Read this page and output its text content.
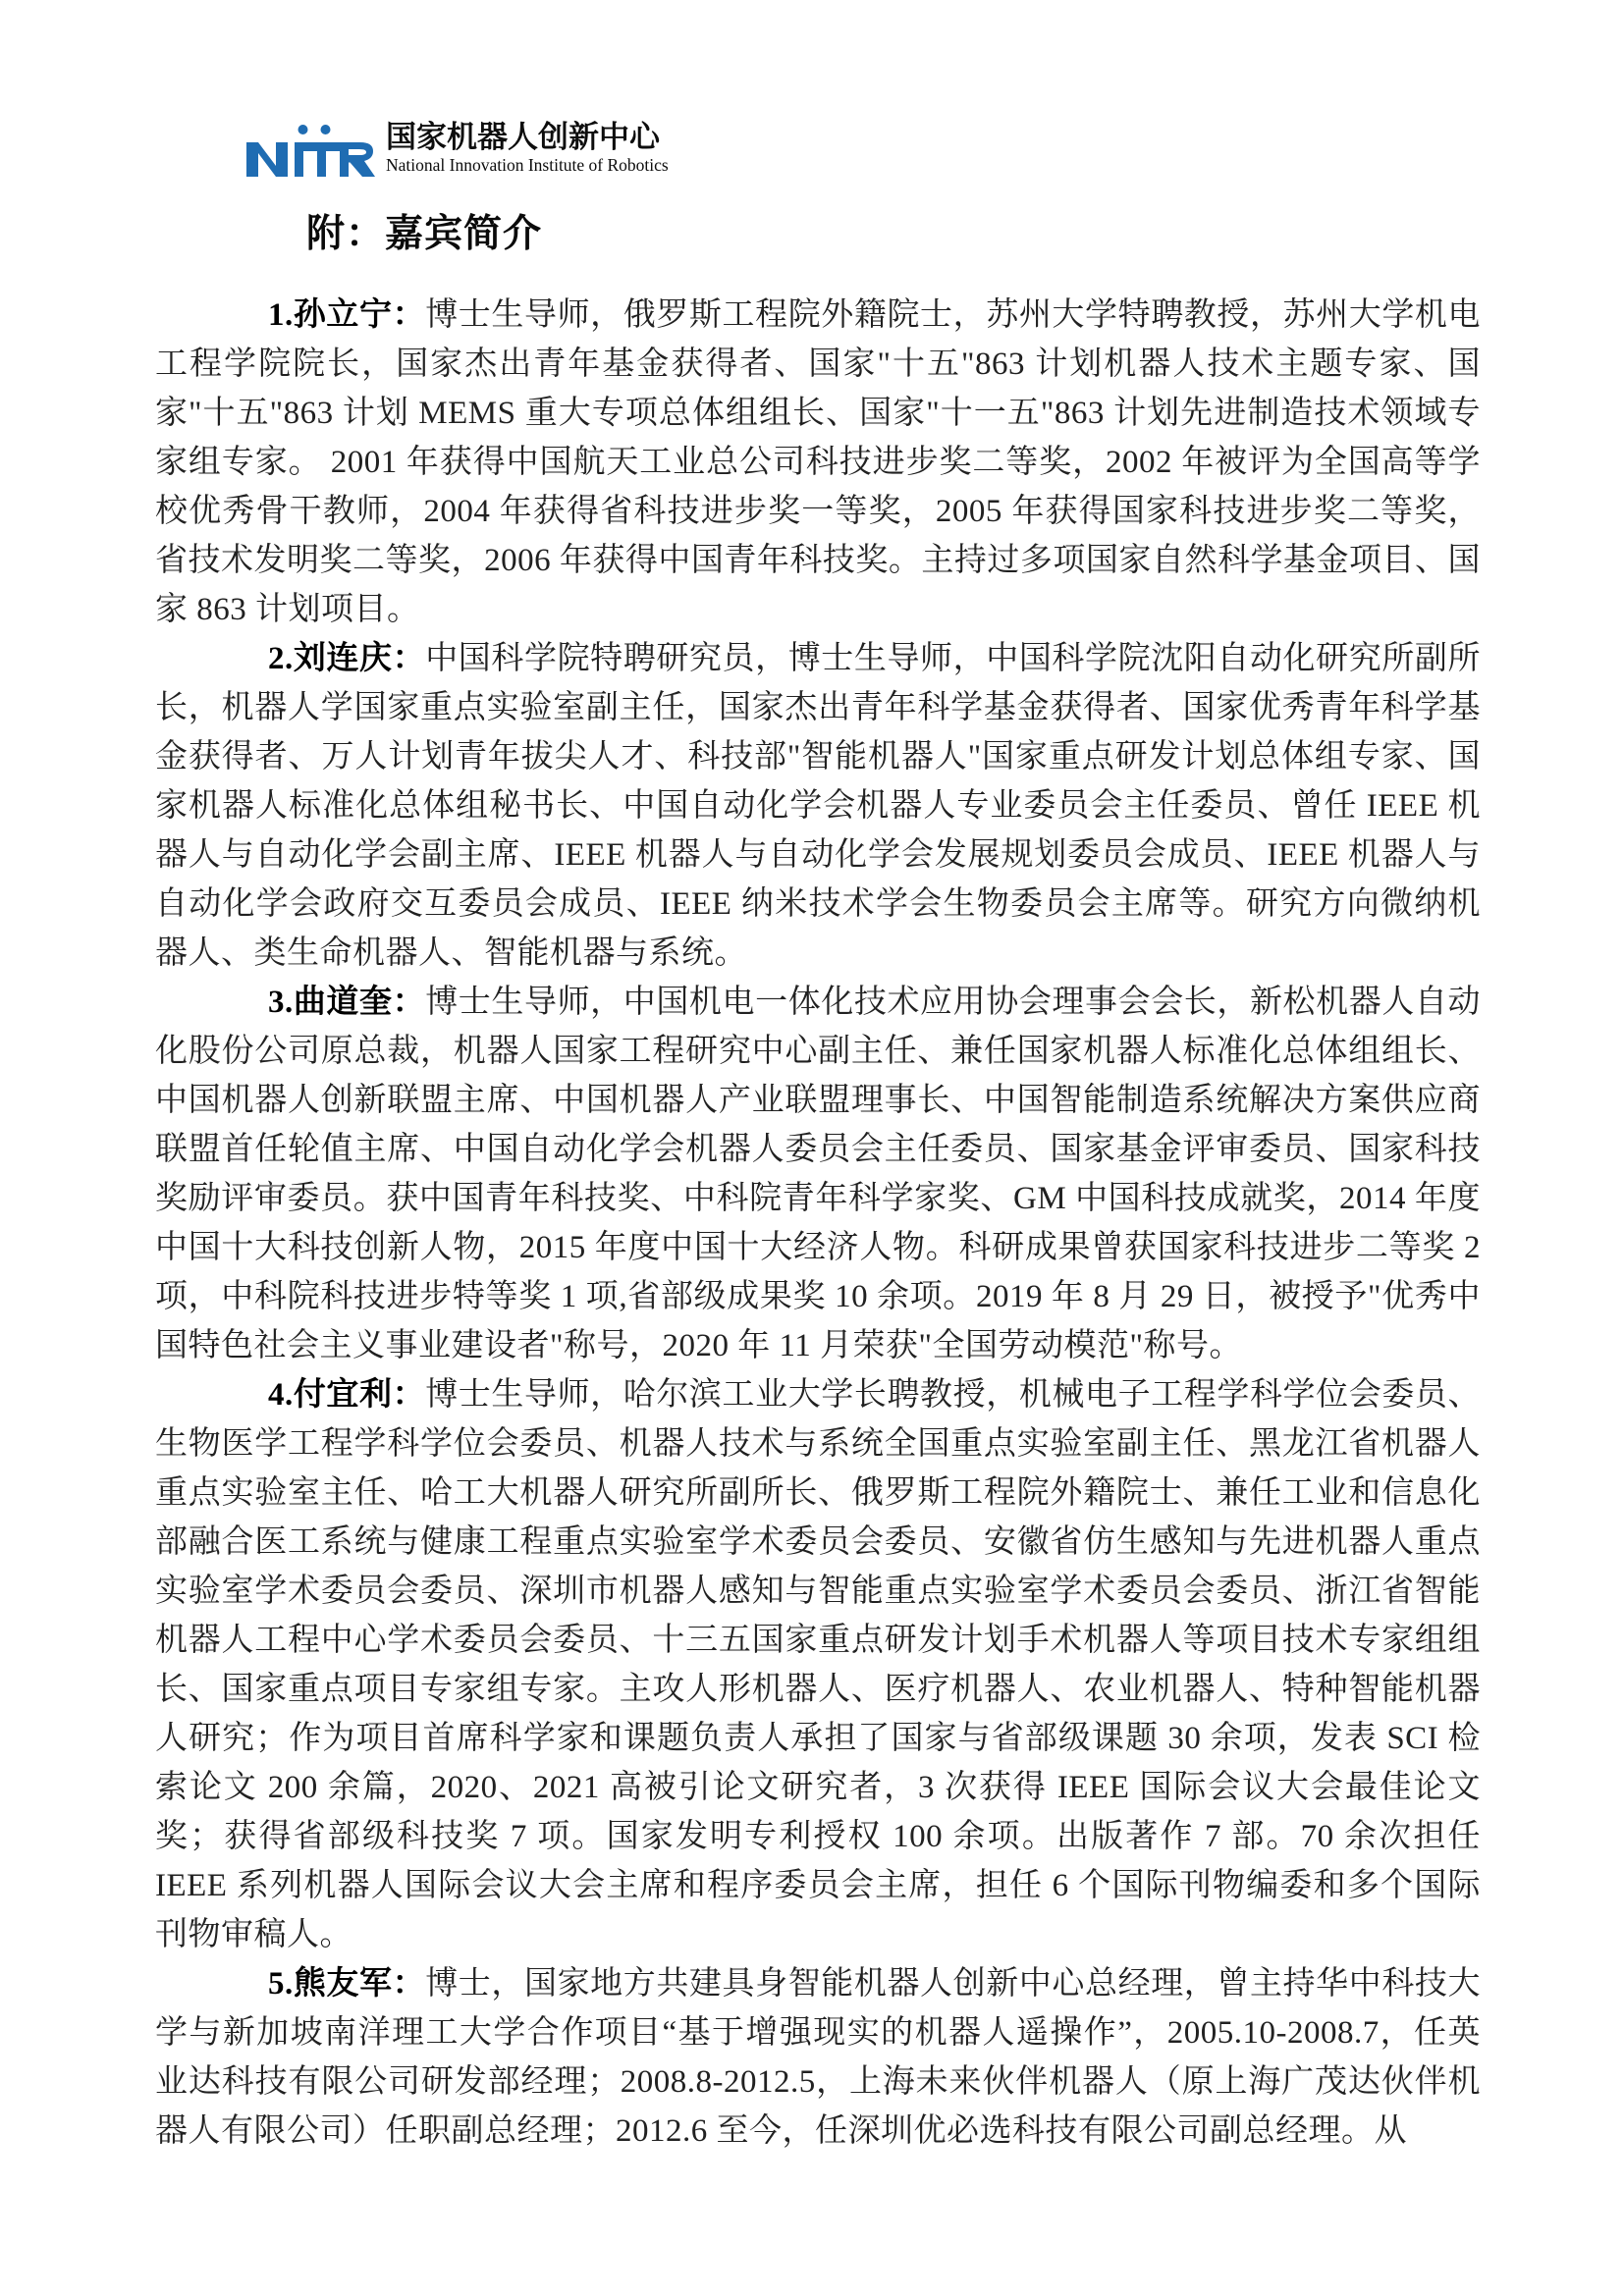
国家机器人创新中心
National Innovation Institute of Robotics
附：嘉宾简介

1.孙立宁：博士生导师，俄罗斯工程院外籍院士，苏州大学特聘教授，苏州大学机电工程学院院长，国家杰出青年基金获得者、国家"十五"863 计划机器人技术主题专家、国家"十五"863 计划 MEMS 重大专项总体组组长、国家"十一五"863 计划先进制造技术领域专家组专家。 2001 年获得中国航天工业总公司科技进步奖二等奖，2002 年被评为全国高等学校优秀骨干教师，2004 年获得省科技进步奖一等奖，2005 年获得国家科技进步奖二等奖，省技术发明奖二等奖，2006 年获得中国青年科技奖。主持过多项国家自然科学基金项目、国家 863 计划项目。

2.刘连庆：中国科学院特聘研究员，博士生导师，中国科学院沈阳自动化研究所副所长，机器人学国家重点实验室副主任，国家杰出青年科学基金获得者、国家优秀青年科学基金获得者、万人计划青年拔尖人才、科技部"智能机器人"国家重点研发计划总体组专家、国家机器人标准化总体组秘书长、中国自动化学会机器人专业委员会主任委员、曾任 IEEE 机器人与自动化学会副主席、IEEE 机器人与自动化学会发展规划委员会成员、IEEE 机器人与自动化学会政府交互委员会成员、IEEE 纳米技术学会生物委员会主席等。研究方向微纳机器人、类生命机器人、智能机器与系统。

3.曲道奎：博士生导师，中国机电一体化技术应用协会理事会会长，新松机器人自动化股份公司原总裁，机器人国家工程研究中心副主任、兼任国家机器人标准化总体组组长、中国机器人创新联盟主席、中国机器人产业联盟理事长、中国智能制造系统解决方案供应商联盟首任轮值主席、中国自动化学会机器人委员会主任委员、国家基金评审委员、国家科技奖励评审委员。获中国青年科技奖、中科院青年科学家奖、GM 中国科技成就奖，2014 年度中国十大科技创新人物，2015 年度中国十大经济人物。科研成果曾获国家科技进步二等奖 2 项，中科院科技进步特等奖 1 项,省部级成果奖 10 余项。2019 年 8 月 29 日，被授予"优秀中国特色社会主义事业建设者"称号，2020 年 11 月荣获"全国劳动模范"称号。

4.付宜利：博士生导师，哈尔滨工业大学长聘教授，机械电子工程学科学位会委员、生物医学工程学科学位会委员、机器人技术与系统全国重点实验室副主任、黑龙江省机器人重点实验室主任、哈工大机器人研究所副所长、俄罗斯工程院外籍院士、兼任工业和信息化部融合医工系统与健康工程重点实验室学术委员会委员、安徽省仿生感知与先进机器人重点实验室学术委员会委员、深圳市机器人感知与智能重点实验室学术委员会委员、浙江省智能机器人工程中心学术委员会委员、十三五国家重点研发计划手术机器人等项目技术专家组组长、国家重点项目专家组专家。主攻人形机器人、医疗机器人、农业机器人、特种智能机器人研究；作为项目首席科学家和课题负责人承担了国家与省部级课题 30 余项，发表 SCI 检索论文 200 余篇，2020、2021 高被引论文研究者，3 次获得 IEEE 国际会议大会最佳论文奖；获得省部级科技奖 7 项。国家发明专利授权 100 余项。出版著作 7 部。70 余次担任 IEEE 系列机器人国际会议大会主席和程序委员会主席，担任 6 个国际刊物编委和多个国际刊物审稿人。

5.熊友军：博士，国家地方共建具身智能机器人创新中心总经理，曾主持华中科技大学与新加坡南洋理工大学合作项目“基于增强现实的机器人遥操作”，2005.10-2008.7，任英业达科技有限公司研发部经理；2008.8-2012.5，上海未来伙伴机器人（原上海广茂达伙伴机器人有限公司）任职副总经理；2012.6 至今，任深圳优必选科技有限公司副总经理。从
